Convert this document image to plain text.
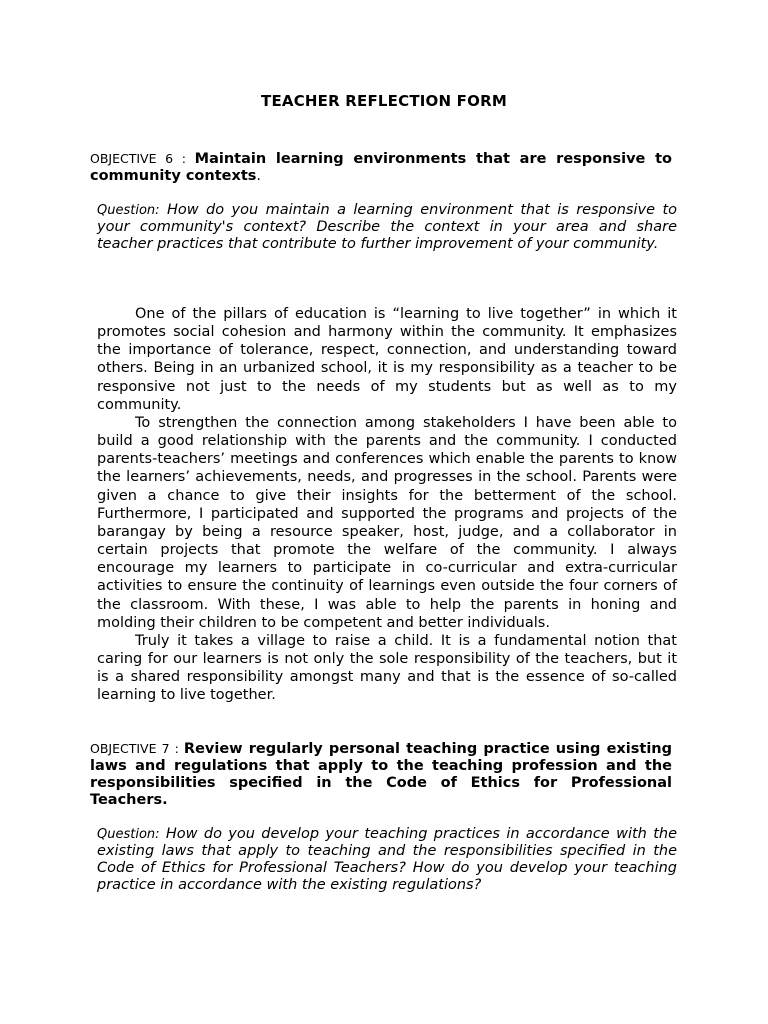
TEACHER REFLECTION FORM
OBJECTIVE 6 : Maintain learning environments that are responsive to community contexts.
Question: How do you maintain a learning environment that is responsive to your community's context? Describe the context in your area and share teacher practices that contribute to further improvement of your community.

One of the pillars of education is “learning to live together” in which it promotes social cohesion and harmony within the community. It emphasizes the importance of tolerance, respect, connection, and understanding toward others. Being in an urbanized school, it is my responsibility as a teacher to be responsive not just to the needs of my students but as well as to my community.

To strengthen the connection among stakeholders I have been able to build a good relationship with the parents and the community. I conducted parents-teachers’ meetings and conferences which enable the parents to know the learners’ achievements, needs, and progresses in the school. Parents were given a chance to give their insights for the betterment of the school. Furthermore, I participated and supported the programs and projects of the barangay by being a resource speaker, host, judge, and a collaborator in certain projects that promote the welfare of the community. I always encourage my learners to participate in co-curricular and extra-curricular activities to ensure the continuity of learnings even outside the four corners of the classroom. With these, I was able to help the parents in honing and molding their children to be competent and better individuals.

Truly it takes a village to raise a child. It is a fundamental notion that caring for our learners is not only the sole responsibility of the teachers, but it is a shared responsibility amongst many and that is the essence of so-called learning to live together.

OBJECTIVE 7 : Review regularly personal teaching practice using existing laws and regulations that apply to the teaching profession and the responsibilities specified in the Code of Ethics for Professional Teachers.
Question: How do you develop your teaching practices in accordance with the existing laws that apply to teaching and the responsibilities specified in the Code of Ethics for Professional Teachers? How do you develop your teaching practice in accordance with the existing regulations?
